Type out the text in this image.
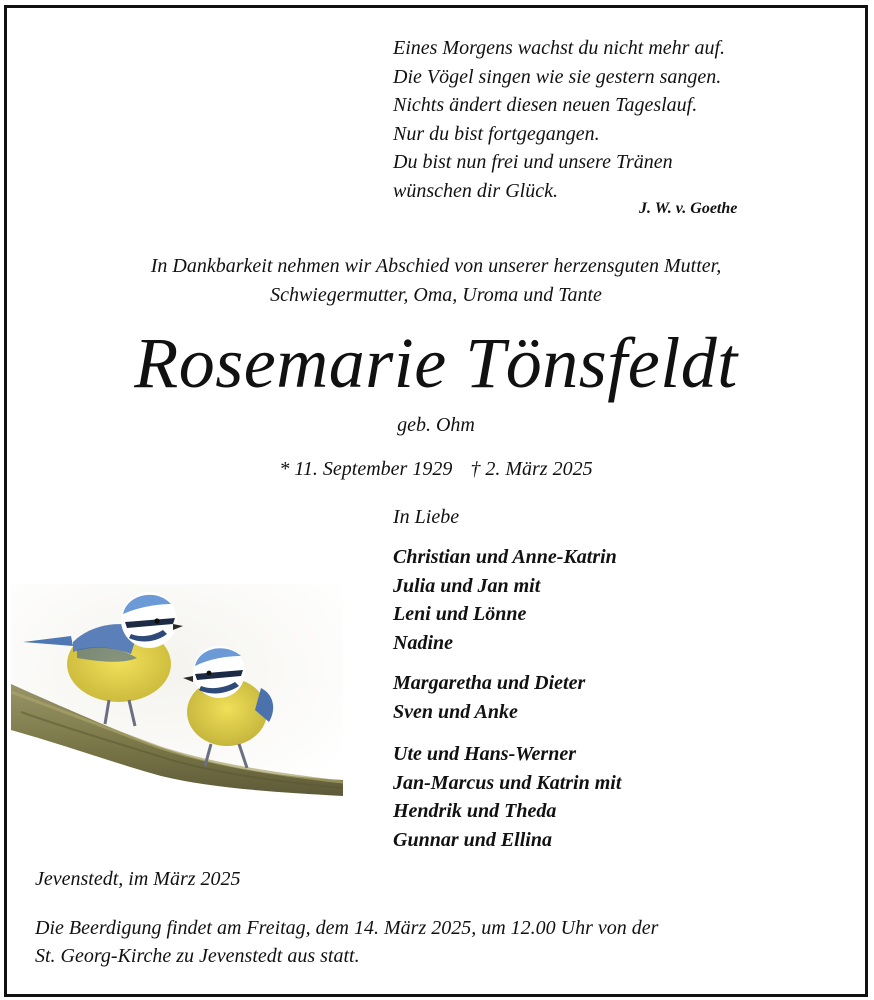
Eines Morgens wachst du nicht mehr auf.
Die Vögel singen wie sie gestern sangen.
Nichts ändert diesen neuen Tageslauf.
Nur du bist fortgegangen.
Du bist nun frei und unsere Tränen
wünschen dir Glück.
J. W. v. Goethe
In Dankbarkeit nehmen wir Abschied von unserer herzensguten Mutter,
Schwiegermutter, Oma, Uroma und Tante
Rosemarie Tönsfeldt
geb. Ohm
* 11. September 1929 † 2. März 2025
In Liebe
Christian und Anne-Katrin
Julia und Jan mit
Leni und Lönne
Nadine
Margaretha und Dieter
Sven und Anke
Ute und Hans-Werner
Jan-Marcus und Katrin mit
Hendrik und Theda
Gunnar und Ellina
Jevenstedt, im März 2025
Die Beerdigung findet am Freitag, dem 14. März 2025, um 12.00 Uhr von der
St. Georg-Kirche zu Jevenstedt aus statt.
